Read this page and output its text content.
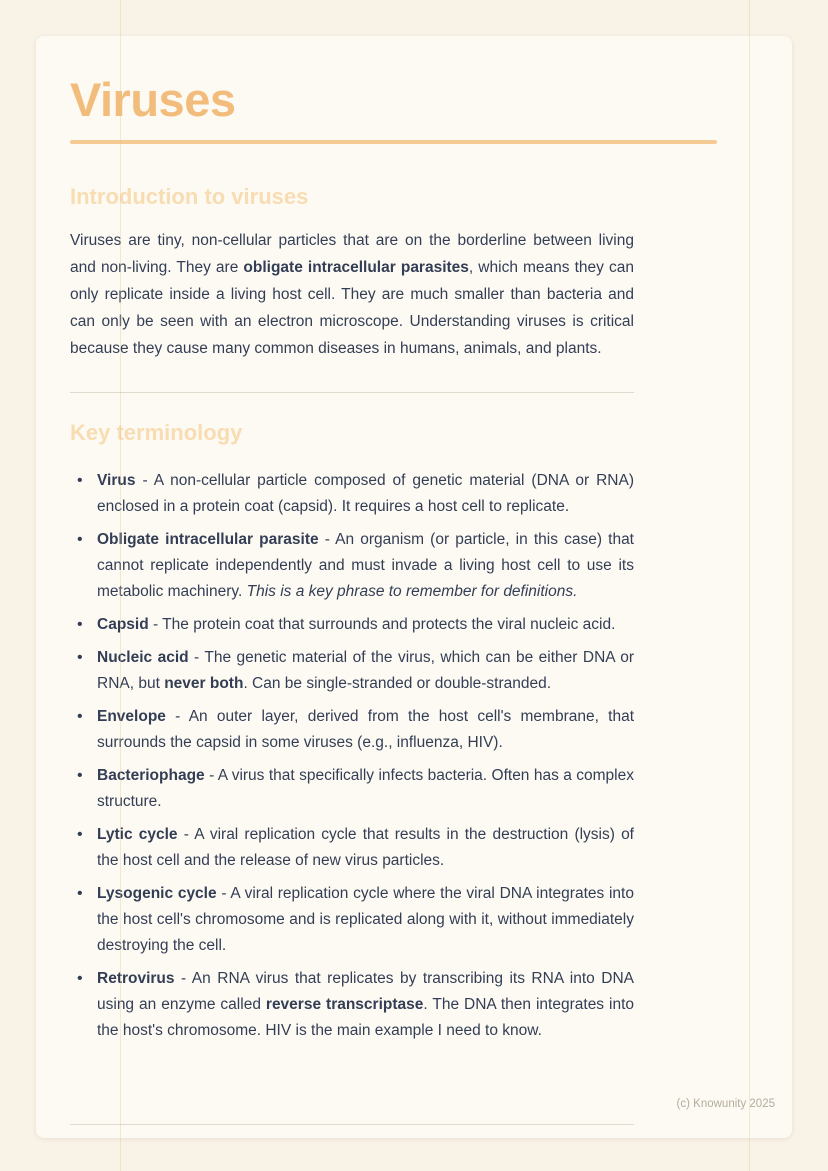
Viruses
Introduction to viruses

Viruses are tiny, non-cellular particles that are on the borderline between living and non-living. They are obligate intracellular parasites, which means they can only replicate inside a living host cell. They are much smaller than bacteria and can only be seen with an electron microscope. Understanding viruses is critical because they cause many common diseases in humans, animals, and plants.

Key terminology
• Virus - A non-cellular particle composed of genetic material (DNA or RNA) enclosed in a protein coat (capsid). It requires a host cell to replicate.
• Obligate intracellular parasite - An organism (or particle, in this case) that cannot replicate independently and must invade a living host cell to use its metabolic machinery. This is a key phrase to remember for definitions.
• Capsid - The protein coat that surrounds and protects the viral nucleic acid.
• Nucleic acid - The genetic material of the virus, which can be either DNA or RNA, but never both. Can be single-stranded or double-stranded.
• Envelope - An outer layer, derived from the host cell's membrane, that surrounds the capsid in some viruses (e.g., influenza, HIV).
• Bacteriophage - A virus that specifically infects bacteria. Often has a complex structure.
• Lytic cycle - A viral replication cycle that results in the destruction (lysis) of the host cell and the release of new virus particles.
• Lysogenic cycle - A viral replication cycle where the viral DNA integrates into the host cell's chromosome and is replicated along with it, without immediately destroying the cell.
• Retrovirus - An RNA virus that replicates by transcribing its RNA into DNA using an enzyme called reverse transcriptase. The DNA then integrates into the host's chromosome. HIV is the main example I need to know.
(c) Knowunity 2025
